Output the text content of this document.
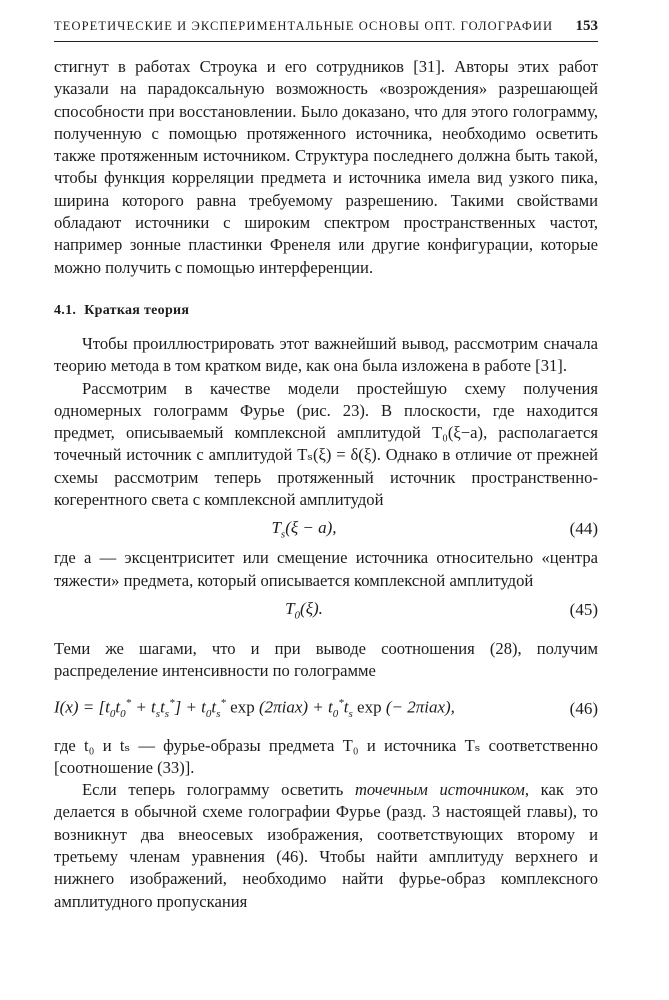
ТЕОРЕТИЧЕСКИЕ И ЭКСПЕРИМЕНТАЛЬНЫЕ ОСНОВЫ ОПТ. ГОЛОГРАФИИ 153

стигнут в работах Строука и его сотрудников [31]. Авторы этих работ указали на парадоксальную возможность «возрождения» разрешающей способности при восстановлении. Было доказано, что для этого голограмму, полученную с помощью протяженного источника, необходимо осветить также протяженным источником. Структура последнего должна быть такой, чтобы функция корреляции предмета и источника имела вид узкого пика, ширина которого равна требуемому разрешению. Такими свойствами обладают источники с широким спектром пространственных частот, например зонные пластинки Френеля или другие конфигурации, которые можно получить с помощью интерференции.

4.1. Краткая теория

Чтобы проиллюстрировать этот важнейший вывод, рассмотрим сначала теорию метода в том кратком виде, как она была изложена в работе [31].

Рассмотрим в качестве модели простейшую схему получения одномерных голограмм Фурье (рис. 23). В плоскости, где находится предмет, описываемый комплексной амплитудой T₀(ξ−a), располагается точечный источник с амплитудой Tₛ(ξ) = δ(ξ). Однако в отличие от прежней схемы рассмотрим теперь протяженный источник пространственно-когерентного света с комплексной амплитудой

$T_s(\xi - a)$,	(44)

где a — эксцентриситет или смещение источника относительно «центра тяжести» предмета, который описывается комплексной амплитудой

$T_0(\xi)$.	(45)

Теми же шагами, что и при выводе соотношения (28), получим распределение интенсивности по голограмме

$I(x) = [t_0t_0^* + t_st_s^*] + t_0t_s^*$ $\exp (2\pi iax) + t_0^*t_s$ exp (− 2πiax),	(46)

где t₀ и tₛ — фурье-образы предмета T₀ и источника Tₛ соответственно [соотношение (33)].

Если теперь голограмму осветить точечным источником, как это делается в обычной схеме голографии Фурье (разд. 3 настоящей главы), то возникнут два внеосевых изображения, соответствующих второму и третьему членам уравнения (46). Чтобы найти амплитуду верхнего и нижнего изображений, необходимо найти фурье-образ комплексного амплитудного пропускания
